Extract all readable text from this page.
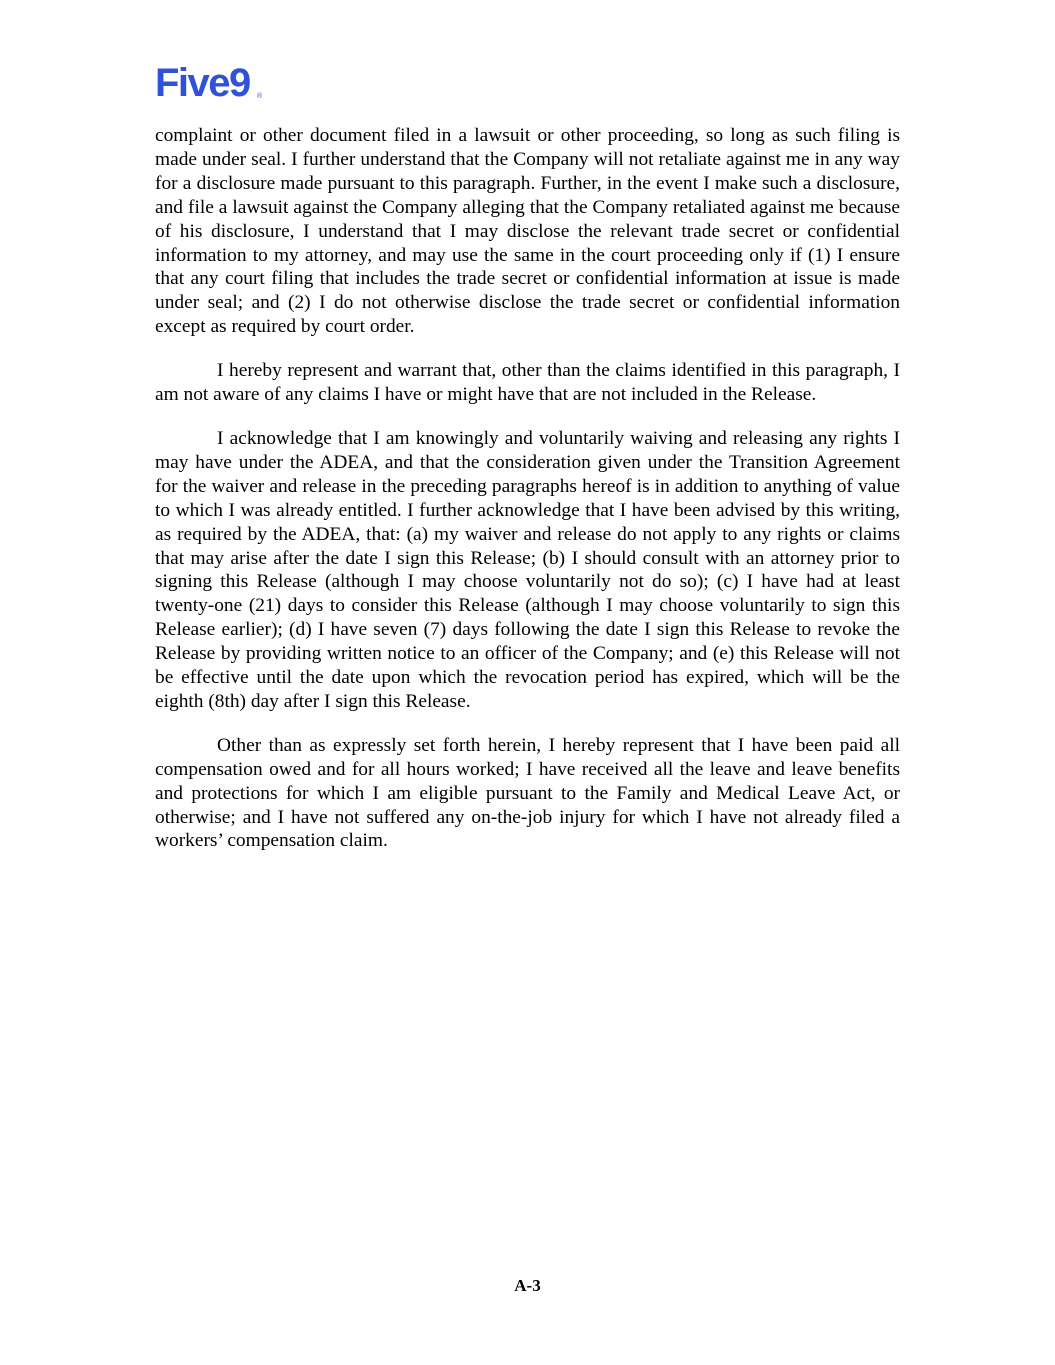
Five9 ®

complaint or other document filed in a lawsuit or other proceeding, so long as such filing is made under seal. I further understand that the Company will not retaliate against me in any way for a disclosure made pursuant to this paragraph. Further, in the event I make such a disclosure, and file a lawsuit against the Company alleging that the Company retaliated against me because of his disclosure, I understand that I may disclose the relevant trade secret or confidential information to my attorney, and may use the same in the court proceeding only if (1) I ensure that any court filing that includes the trade secret or confidential information at issue is made under seal; and (2) I do not otherwise disclose the trade secret or confidential information except as required by court order.

I hereby represent and warrant that, other than the claims identified in this paragraph, I am not aware of any claims I have or might have that are not included in the Release.

I acknowledge that I am knowingly and voluntarily waiving and releasing any rights I may have under the ADEA, and that the consideration given under the Transition Agreement for the waiver and release in the preceding paragraphs hereof is in addition to anything of value to which I was already entitled. I further acknowledge that I have been advised by this writing, as required by the ADEA, that: (a) my waiver and release do not apply to any rights or claims that may arise after the date I sign this Release; (b) I should consult with an attorney prior to signing this Release (although I may choose voluntarily not do so); (c) I have had at least twenty-one (21) days to consider this Release (although I may choose voluntarily to sign this Release earlier); (d) I have seven (7) days following the date I sign this Release to revoke the Release by providing written notice to an officer of the Company; and (e) this Release will not be effective until the date upon which the revocation period has expired, which will be the eighth (8th) day after I sign this Release.

Other than as expressly set forth herein, I hereby represent that I have been paid all compensation owed and for all hours worked; I have received all the leave and leave benefits and protections for which I am eligible pursuant to the Family and Medical Leave Act, or otherwise; and I have not suffered any on-the-job injury for which I have not already filed a workers’ compensation claim.

A-3
